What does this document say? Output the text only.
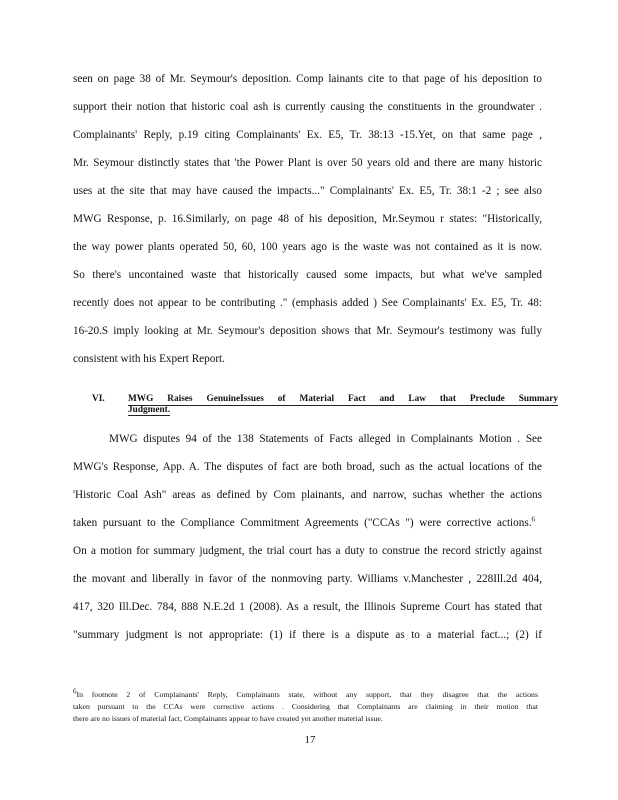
seen on page 38 of Mr. Seymour's deposition. Comp lainants cite to that page of his deposition to
support their notion that historic coal ash is currently causing the constituents in the groundwater .
Complainants' Reply, p.19 citing Complainants' Ex. E5, Tr. 38:13 -15.Yet, on that same page ,
Mr. Seymour distinctly states that 'the Power Plant is over 50 years old and there are many historic
uses at the site that may have caused the impacts..." Complainants' Ex. E5, Tr. 38:1 -2 ; see also
MWG Response, p. 16.Similarly, on page 48 of his deposition, Mr.Seymou r states: "Historically,
the way power plants operated 50, 60, 100 years ago is the waste was not contained as it is now.
So there's uncontained waste that historically caused some impacts, but what we've sampled
recently does not appear to be contributing ." (emphasis added ) See Complainants' Ex. E5, Tr. 48:
16-20.S imply looking at Mr. Seymour's deposition shows that Mr. Seymour's testimony was fully
consistent with his Expert Report.
VI.	MWG Raises GenuineIssues of Material Fact and Law that Preclude Summary
Judgment.
MWG disputes 94 of the 138 Statements of Facts alleged in Complainants Motion . See
MWG's Response, App. A. The disputes of fact are both broad, such as the actual locations of the
'Historic Coal Ash" areas as defined by Com plainants, and narrow, suchas whether the actions
taken pursuant to the Compliance Commitment Agreements ("CCAs ") were corrective actions.$^6$
On a motion for summary judgment, the trial court has a duty to construe the record strictly against
the movant and liberally in favor of the nonmoving party. Williams v.Manchester , 228Ill.2d 404,
417, 320 Ill.Dec. 784, 888 N.E.2d 1 (2008). As a result, the Illinois Supreme Court has stated that
"summary judgment is not appropriate: (1) if there is a dispute as to a material fact...; (2) if
$^6$In footnote 2 of Complainants' Reply, Complainants state, without any support, that they disagree that the actions
taken pursuant to the CCAs were corrective actions . Considering that Complainants are claiming in their motion that
there are no issues of material fact, Complainants appear to have created yet another material issue.
17
